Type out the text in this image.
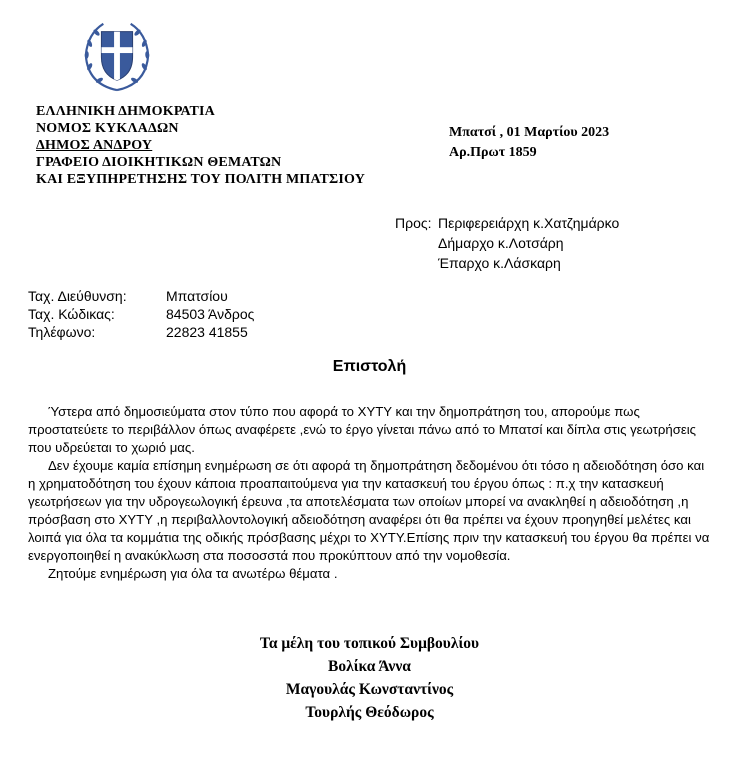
ΕΛΛΗΝΙΚΗ ΔΗΜΟΚΡΑΤΙΑ
ΝΟΜΟΣ ΚΥΚΛΑΔΩΝ
ΔΗΜΟΣ ΑΝΔΡΟΥ
ΓΡΑΦΕΙΟ ΔΙΟΙΚΗΤΙΚΩΝ ΘΕΜΑΤΩΝ
ΚΑΙ ΕΞΥΠΗΡΕΤΗΣΗΣ ΤΟΥ ΠΟΛΙΤΗ ΜΠΑΤΣΙΟΥ
Μπατσί , 01 Μαρτίου 2023
Αρ.Πρωτ 1859
Προς: Περιφερειάρχη κ.Χατζημάρκο
Δήμαρχο κ.Λοτσάρη
Έπαρχο κ.Λάσκαρη
Ταχ. Διεύθυνση:	Μπατσίου
Ταχ. Κώδικας:	84503 Άνδρος
Τηλέφωνο:	22823 41855
Επιστολή

Ύστερα από δημοσιεύματα στον τύπο που αφορά το ΧΥΤΥ και την δημοπράτηση του, απορούμε πως προστατεύετε το περιβάλλον όπως αναφέρετε ,ενώ το έργο γίνεται πάνω από το Μπατσί και δίπλα στις γεωτρήσεις που υδρεύεται το χωριό μας.

Δεν έχουμε καμία επίσημη ενημέρωση σε ότι αφορά τη δημοπράτηση δεδομένου ότι τόσο η αδειοδότηση όσο και η χρηματοδότηση του έχουν κάποια προαπαιτούμενα για την κατασκευή του έργου όπως : π.χ την κατασκευή γεωτρήσεων για την υδρογεωλογική έρευνα ,τα αποτελέσματα των οποίων μπορεί να ανακληθεί η αδειοδότηση ,η πρόσβαση στο ΧΥΤΥ ,η περιβαλλοντολογική αδειοδότηση αναφέρει ότι θα πρέπει να έχουν προηγηθεί μελέτες και λοιπά για όλα τα κομμάτια της οδικής πρόσβασης μέχρι το ΧΥΤΥ.Επίσης πριν την κατασκευή του έργου θα πρέπει να ενεργοποιηθεί η ανακύκλωση στα ποσοσστά που προκύπτουν από την νομοθεσία.

Ζητούμε ενημέρωση για όλα τα ανωτέρω θέματα .

Τα μέλη του τοπικού Συμβουλίου
Βολίκα Άννα
Μαγουλάς Κωνσταντίνος
Τουρλής Θεόδωρος
